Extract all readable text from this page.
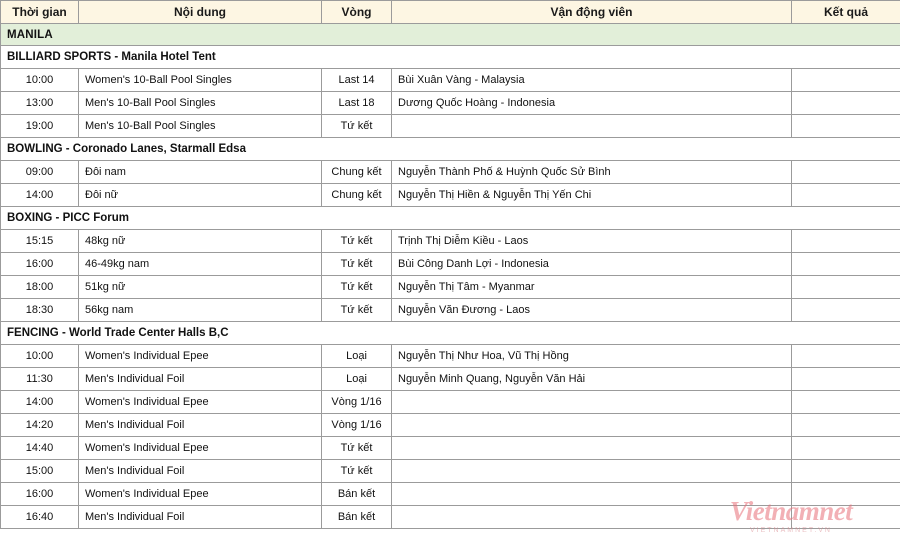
Thời gian	Nội dung	Vòng	Vận động viên	Kết quả
MANILA				
BILLIARD SPORTS - Manila Hotel Tent				
10:00	Women's 10-Ball Pool Singles	Last 14	Bùi Xuân Vàng - Malaysia	
13:00	Men's 10-Ball Pool Singles	Last 18	Dương Quốc Hoàng - Indonesia	
19:00	Men's 10-Ball Pool Singles	Tứ kết		
BOWLING - Coronado Lanes, Starmall Edsa				
09:00	Đôi nam	Chung kết	Nguyễn Thành Phố & Huỳnh Quốc Sử Bình	
14:00	Đôi nữ	Chung kết	Nguyễn Thị Hiền & Nguyễn Thị Yến Chi	
BOXING - PICC Forum				
15:15	48kg nữ	Tứ kết	Trịnh Thị Diễm Kiều - Laos	
16:00	46-49kg nam	Tứ kết	Bùi Công Danh Lợi - Indonesia	
18:00	51kg nữ	Tứ kết	Nguyễn Thị Tâm - Myanmar	
18:30	56kg nam	Tứ kết	Nguyễn Văn Đương - Laos	
FENCING - World Trade Center Halls B,C				
10:00	Women's Individual Epee	Loại	Nguyễn Thị Như Hoa, Vũ Thị Hồng	
11:30	Men's Individual Foil	Loại	Nguyễn Minh Quang, Nguyễn Văn Hải	
14:00	Women's Individual Epee	Vòng 1/16		
14:20	Men's Individual Foil	Vòng 1/16		
14:40	Women's Individual Epee	Tứ kết		
15:00	Men's Individual Foil	Tứ kết		
16:00	Women's Individual Epee	Bán kết		
16:40	Men's Individual Foil	Bán kết			Vietnamnet
VIETNAMNET.VN
